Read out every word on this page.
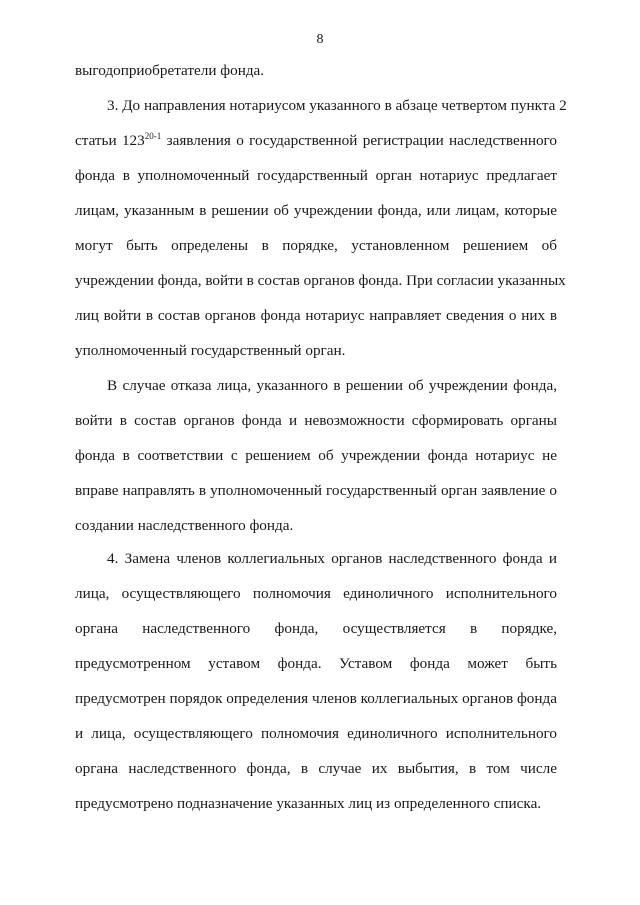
8
выгодоприобретатели фонда.
3. До направления нотариусом указанного в абзаце четвертом пункта 2
статьи 123$^{20-1}$ заявления о государственной регистрации наследственного
фонда в уполномоченный государственный орган нотариус предлагает
лицам, указанным в решении об учреждении фонда, или лицам, которые
могут быть определены в порядке, установленном решением об
учреждении фонда, войти в состав органов фонда. При согласии указанных
лиц войти в состав органов фонда нотариус направляет сведения о них в
уполномоченный государственный орган.
В случае отказа лица, указанного в решении об учреждении фонда,
войти в состав органов фонда и невозможности сформировать органы
фонда в соответствии с решением об учреждении фонда нотариус не
вправе направлять в уполномоченный государственный орган заявление о
создании наследственного фонда.
4. Замена членов коллегиальных органов наследственного фонда и
лица, осуществляющего полномочия единоличного исполнительного
органа наследственного фонда, осуществляется в порядке,
предусмотренном уставом фонда. Уставом фонда может быть
предусмотрен порядок определения членов коллегиальных органов фонда
и лица, осуществляющего полномочия единоличного исполнительного
органа наследственного фонда, в случае их выбытия, в том числе
предусмотрено подназначение указанных лиц из определенного списка.
